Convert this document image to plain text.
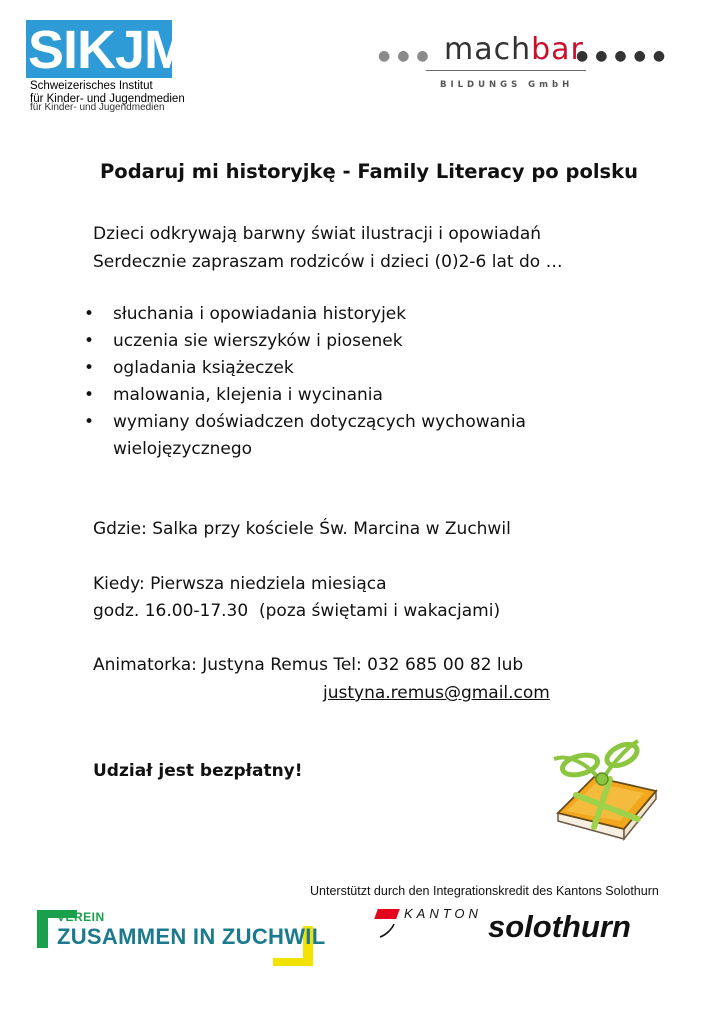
SIKJM
Schweizerisches Institut
für Kinder- und Jugendmedien
für Kinder- und Jugendmedien
●●● machbar
●●●●●
BILDUNGS GmbH
Podaruj mi historyjkę - Family Literacy po polsku
Dzieci odkrywają barwny świat ilustracji i opowiadań
Serdecznie zapraszam rodziców i dzieci (0)2-6 lat do …
• słuchania i opowiadania historyjek
• uczenia sie wierszyków i piosenek
• ogladania książeczek
• malowania, klejenia i wycinania
• wymiany doświadczen dotyczących wychowania
wielojęzycznego
Gdzie: Salka przy kościele Św. Marcina w Zuchwil
Kiedy: Pierwsza niedziela miesiąca
godz. 16.00-17.30  (poza świętami i wakacjami)
Animatorka: Justyna Remus Tel: 032 685 00 82 lub
justyna.remus@gmail.com
Udział jest bezpłatny!
Unterstützt durch den Integrationskredit des Kantons Solothurn
VEREIN
ZUSAMMEN IN ZUCHWIL
KANTON solothurn
